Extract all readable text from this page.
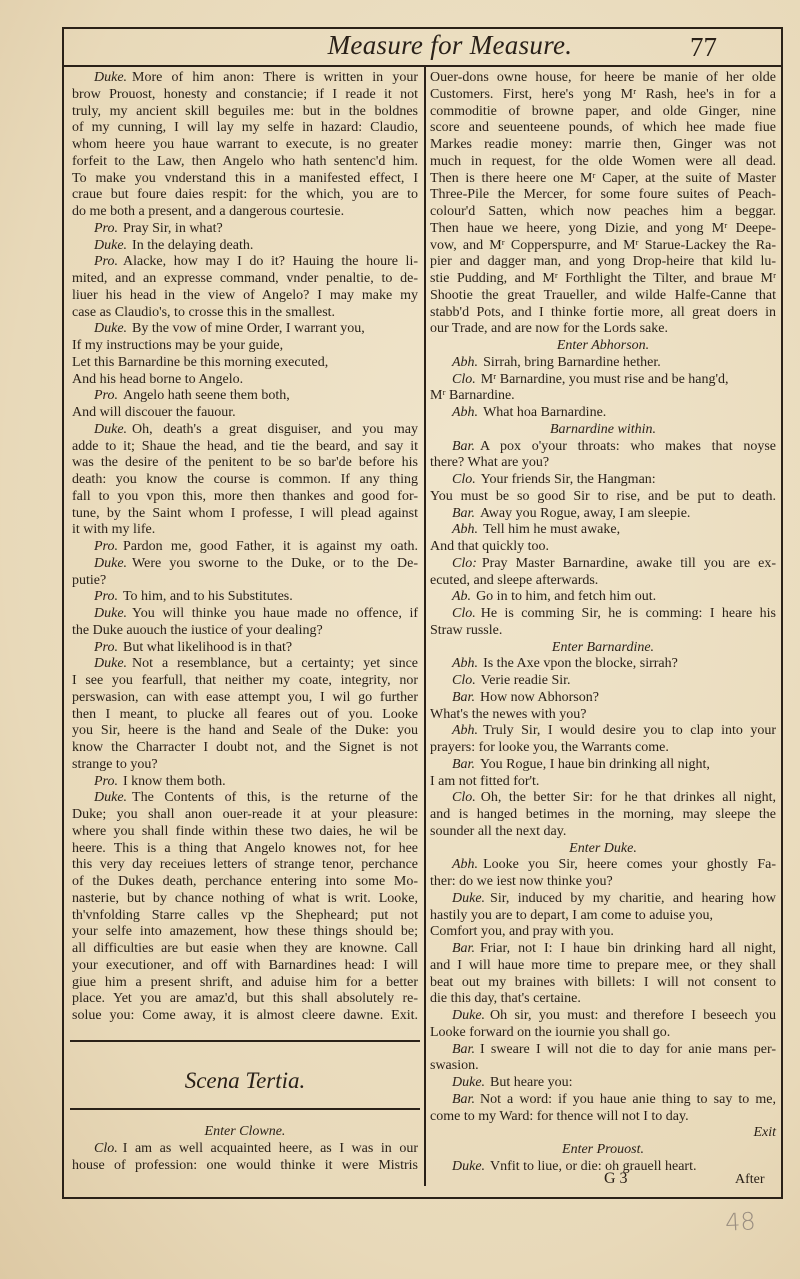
Measure for Measure.	77
Duke. More of him anon: There is written in your
brow Prouost, honesty and constancie; if I reade it not
truly, my ancient skill beguiles me: but in the boldnes
of my cunning, I will lay my selfe in hazard: Claudio,
whom heere you haue warrant to execute, is no greater
forfeit to the Law, then Angelo who hath sentenc'd him.
To make you vnderstand this in a manifested effect, I
craue but foure daies respit: for the which, you are to
do me both a present, and a dangerous courtesie.
Pro. Pray Sir, in what?
Duke. In the delaying death.
Pro. Alacke, how may I do it? Hauing the houre li-
mited, and an expresse command, vnder penaltie, to de-
liuer his head in the view of Angelo? I may make my
case as Claudio's, to crosse this in the smallest.
Duke. By the vow of mine Order, I warrant you,
If my instructions may be your guide,
Let this Barnardine be this morning executed,
And his head borne to Angelo.
Pro. Angelo hath seene them both,
And will discouer the fauour.
Duke. Oh, death's a great disguiser, and you may
adde to it; Shaue the head, and tie the beard, and say it
was the desire of the penitent to be so bar'de before his
death: you know the course is common. If any thing
fall to you vpon this, more then thankes and good for-
tune, by the Saint whom I professe, I will plead against
it with my life.
Pro. Pardon me, good Father, it is against my oath.
Duke. Were you sworne to the Duke, or to the De-
putie?
Pro. To him, and to his Substitutes.
Duke. You will thinke you haue made no offence, if
the Duke auouch the iustice of your dealing?
Pro. But what likelihood is in that?
Duke. Not a resemblance, but a certainty; yet since
I see you fearfull, that neither my coate, integrity, nor
perswasion, can with ease attempt you, I wil go further
then I meant, to plucke all feares out of you. Looke
you Sir, heere is the hand and Seale of the Duke: you
know the Charracter I doubt not, and the Signet is not
strange to you?
Pro. I know them both.
Duke. The Contents of this, is the returne of the
Duke; you shall anon ouer-reade it at your pleasure:
where you shall finde within these two daies, he wil be
heere. This is a thing that Angelo knowes not, for hee
this very day receiues letters of strange tenor, perchance
of the Dukes death, perchance entering into some Mo-
nasterie, but by chance nothing of what is writ. Looke,
th'vnfolding Starre calles vp the Shepheard; put not
your selfe into amazement, how these things should be;
all difficulties are but easie when they are knowne. Call
your executioner, and off with Barnardines head: I will
giue him a present shrift, and aduise him for a better
place. Yet you are amaz'd, but this shall absolutely re-
solue you: Come away, it is almost cleere dawne. Exit.
Scena Tertia.
Enter Clowne.
Clo. I am as well acquainted heere, as I was in our
house of profession: one would thinke it were Mistris
Ouer-dons owne house, for heere be manie of her olde
Customers. First, here's yong Mʳ Rash, hee's in for a
commoditie of browne paper, and olde Ginger, nine
score and seuenteene pounds, of which hee made fiue
Markes readie money: marrie then, Ginger was not
much in request, for the olde Women were all dead.
Then is there heere one Mʳ Caper, at the suite of Master
Three-Pile the Mercer, for some foure suites of Peach-
colour'd Satten, which now peaches him a beggar.
Then haue we heere, yong Dizie, and yong Mʳ Deepe-
vow, and Mʳ Copperspurre, and Mʳ Starue-Lackey the Ra-
pier and dagger man, and yong Drop-heire that kild lu-
stie Pudding, and Mʳ Forthlight the Tilter, and braue Mʳ
Shootie the great Traueller, and wilde Halfe-Canne that
stabb'd Pots, and I thinke fortie more, all great doers in
our Trade, and are now for the Lords sake.
Enter Abhorson.
Abh. Sirrah, bring Barnardine hether.
Clo. Mʳ Barnardine, you must rise and be hang'd,
Mʳ Barnardine.
Abh. What hoa Barnardine.
Barnardine within.
Bar. A pox o'your throats: who makes that noyse
there? What are you?
Clo. Your friends Sir, the Hangman:
You must be so good Sir to rise, and be put to death.
Bar. Away you Rogue, away, I am sleepie.
Abh. Tell him he must awake,
And that quickly too.
Clo: Pray Master Barnardine, awake till you are ex-
ecuted, and sleepe afterwards.
Ab. Go in to him, and fetch him out.
Clo. He is comming Sir, he is comming: I heare his
Straw russle.
Enter Barnardine.
Abh. Is the Axe vpon the blocke, sirrah?
Clo. Verie readie Sir.
Bar. How now Abhorson?
What's the newes with you?
Abh. Truly Sir, I would desire you to clap into your
prayers: for looke you, the Warrants come.
Bar. You Rogue, I haue bin drinking all night,
I am not fitted for't.
Clo. Oh, the better Sir: for he that drinkes all night,
and is hanged betimes in the morning, may sleepe the
sounder all the next day.
Enter Duke.
Abh. Looke you Sir, heere comes your ghostly Fa-
ther: do we iest now thinke you?
Duke. Sir, induced by my charitie, and hearing how
hastily you are to depart, I am come to aduise you,
Comfort you, and pray with you.
Bar. Friar, not I: I haue bin drinking hard all night,
and I will haue more time to prepare mee, or they shall
beat out my braines with billets: I will not consent to
die this day, that's certaine.
Duke. Oh sir, you must: and therefore I beseech you
Looke forward on the iournie you shall go.
Bar. I sweare I will not die to day for anie mans per-
swasion.
Duke. But heare you:
Bar. Not a word: if you haue anie thing to say to me,
come to my Ward: for thence will not I to day.
Exit
Enter Prouost.
Duke. Vnfit to liue, or die: oh grauell heart.
G 3	After
48
